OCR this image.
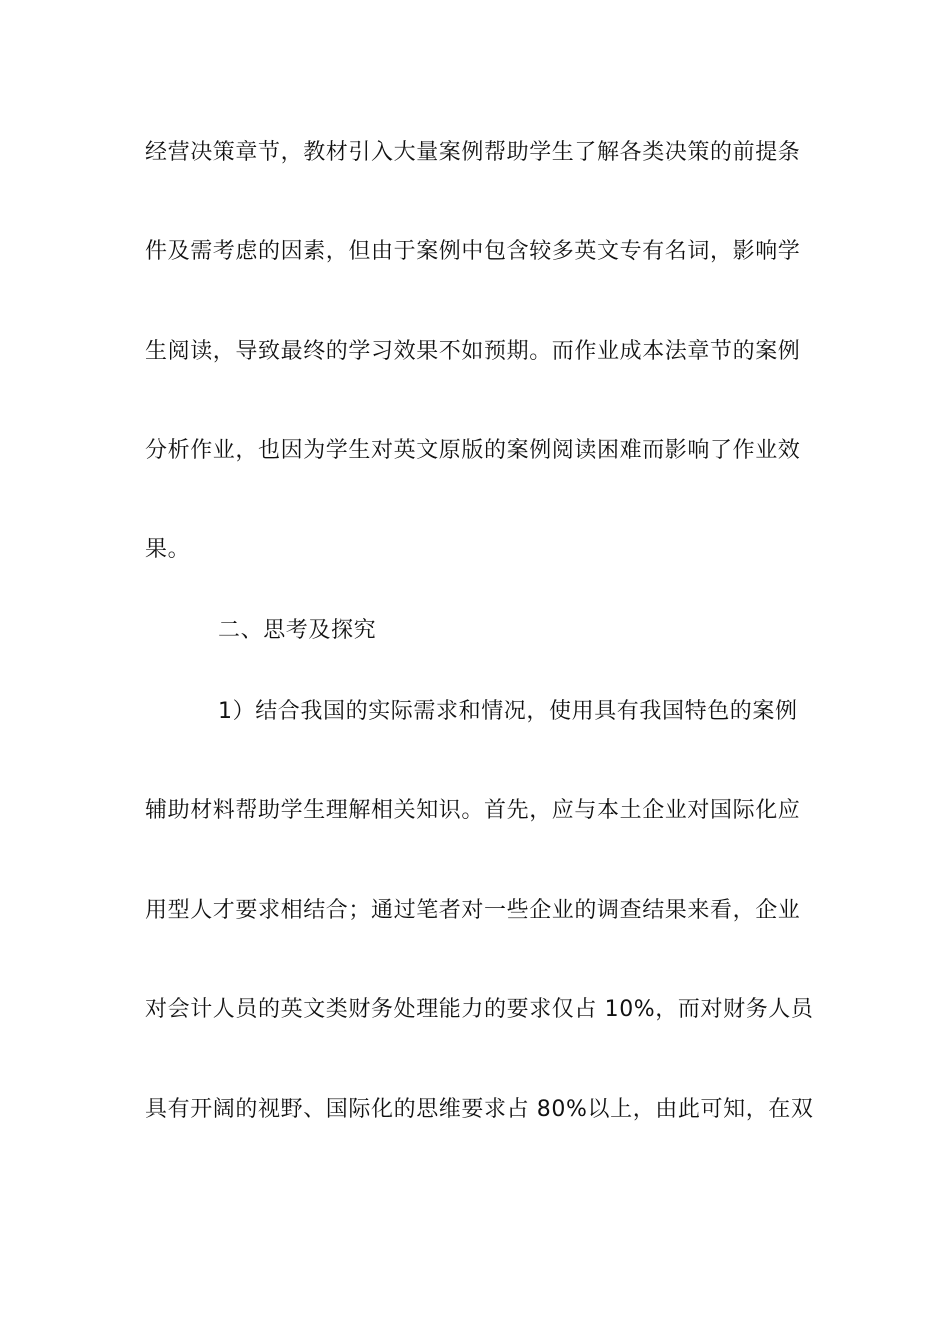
经营决策章节，教材引入大量案例帮助学生了解各类决策的前提条
件及需考虑的因素，但由于案例中包含较多英文专有名词，影响学
生阅读，导致最终的学习效果不如预期。而作业成本法章节的案例
分析作业，也因为学生对英文原版的案例阅读困难而影响了作业效
果。
二、思考及探究
1）结合我国的实际需求和情况，使用具有我国特色的案例
辅助材料帮助学生理解相关知识。首先，应与本土企业对国际化应
用型人才要求相结合；通过笔者对一些企业的调查结果来看，企业
对会计人员的英文类财务处理能力的要求仅占 10%，而对财务人员
具有开阔的视野、国际化的思维要求占 80%以上，由此可知，在双
